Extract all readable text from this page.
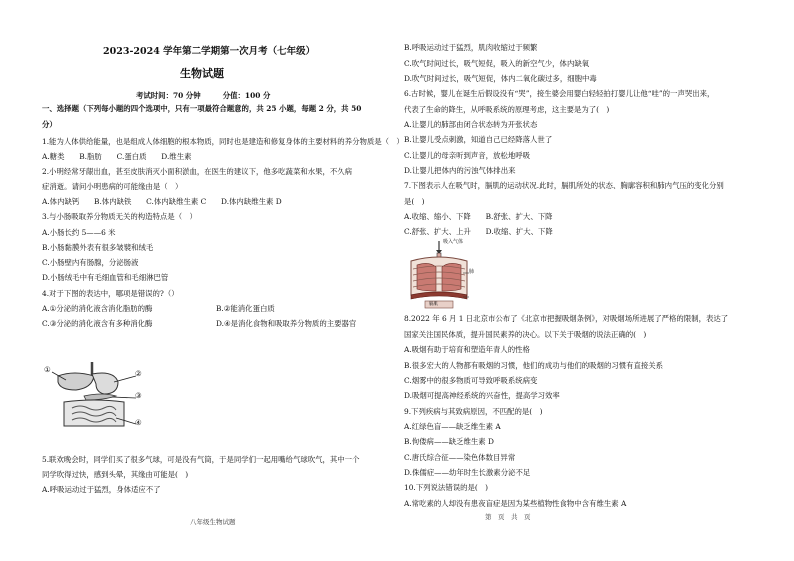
2023-2024 学年第二学期第一次月考（七年级）
生物试题
考试时间：70 分钟　　　分值：100 分
一、选择题（下列每小题的四个选项中，只有一项最符合题意的，共 25 小题，每题 2 分，共 50
分）
1.能为人体供给能量，也是组成人体细胞的根本物质，同时也是建造和修复身体的主要材料的养分物质是（　）
A.糖类　　B.脂肪　　C.蛋白质　　D.维生素
2.小明经常牙龈出血，甚至皮肤消灭小面积淤血，在医生的建议下，他多吃蔬菜和水果，不久病
症消逝。请问小明患病的可能缘由是（　）
A.体内缺钙　　B.体内缺铁　　C.体内缺维生素 C　　D.体内缺维生素 D
3.与小肠吸取养分物质无关的构造特点是（　）
A.小肠长约 5——6 米
B.小肠黏膜外表有很多皱襞和绒毛
C.小肠壁内有肠腺，分泌肠液
D.小肠绒毛中有毛细血管和毛细淋巴管
4.对于下图的表达中，哪项是错误的?（）
A.①分泌的消化液含消化脂肪的酶	B.②能消化蛋白质
C.③分泌的消化液含有多种消化酶	D.④是消化食物和吸取养分物质的主要器官
①	②
③
④
5.联欢晚会时，同学们买了很多气球，可是没有气筒，于是同学们一起用嘴给气球吹气，其中一个
同学吹得过快，感到头晕，其缘由可能是(　)
A.呼吸运动过于猛烈，身体适应不了
八年级生物试题
B.呼吸运动过于猛烈，肌肉收缩过于频繁
C.吹气时间过长，吸气短促，吸入的新空气少，体内缺氧
D.吹气时间过长，吸气短促，体内二氧化碳过多，细胞中毒
6.古时候，婴儿在诞生后假设没有“哭”，接生婆会用婴白轻轻拍打婴儿让他“哇”的一声哭出来，
代表了生命的降生，从呼吸系统的原理考虑，这主要是为了(　)
A.让婴儿的肺部由闭合状态转为开张状态
B.让婴儿受点刺激，知道自己已经降落人世了
C.让婴儿的母亲听到声音，放松地呼吸
D.让婴儿把体内的污浊气体排出来
7.下图表示人在吸气时，膈肌的运动状况.此时，膈肌所处的状态、胸廓容积和肺内气压的变化分别
是(　)
A.收缩、缩小、下降　　B.舒张、扩大、下降
C.舒张、扩大、上升　　D.收缩、扩大、下降
吸入气体
肺
膈肌
8.2022 年 6 月 1 日北京市公布了《北京市把握吸烟条例》，对吸烟场所进展了严格的限制，表达了
国家关注国民体质，提升国民素养的决心。以下关于吸烟的说法正确的(　)
A.吸烟有助于培育和塑造年青人的性格
B.很多宏大的人物都有吸烟的习惯，他们的成功与他们的吸烟的习惯有直接关系
C.烟雾中的很多物质可导致呼吸系统病变
D.吸烟可提高神经系统的兴奋性，提高学习效率
9.下列疾病与其致病原因，不匹配的是(　)
A.红绿色盲——缺乏维生素 A
B.佝偻病——缺乏维生素 D
C.唐氏综合征——染色体数目异常
D.侏儒症——幼年时生长激素分泌不足
10.下列说法错误的是(　)
A.常吃素的人却没有患夜盲症是因为某些植物性食物中含有维生素 A
第　页　共　页
